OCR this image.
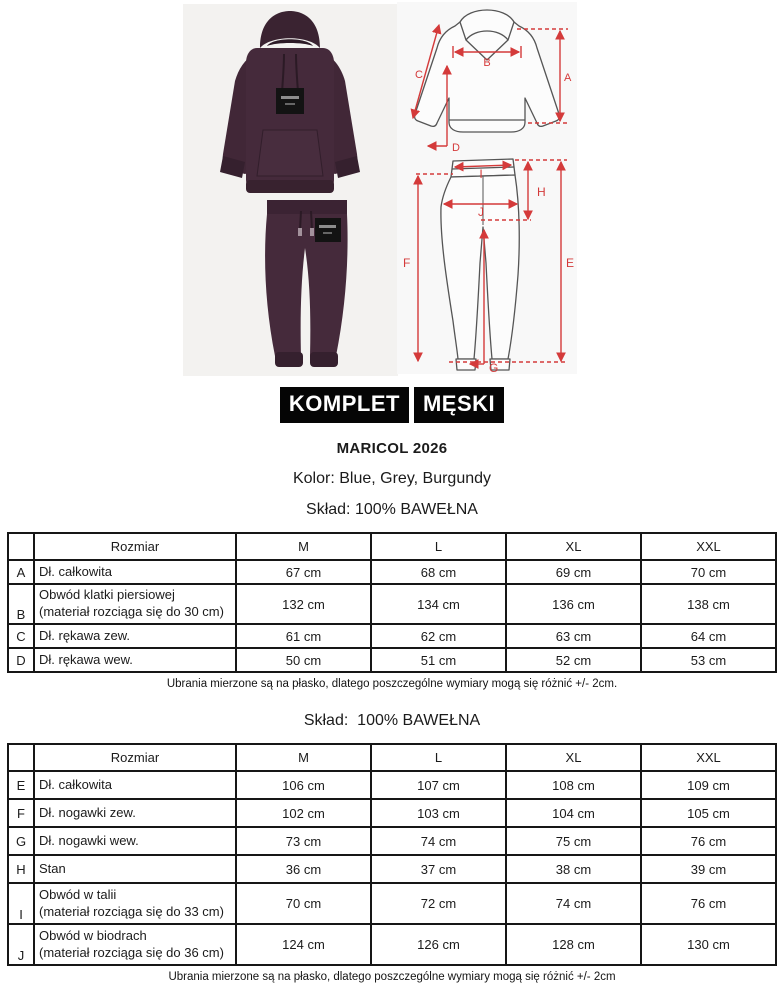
A
B
C
D
I
H
J
F	E
G
KOMPLET MĘSKI
MARICOL 2026
Kolor: Blue, Grey, Burgundy
Skład: 100% BAWEŁNA
	Rozmiar	M	L	XL	XXL
A	Dł. całkowita	67 cm	68 cm	69 cm	70 cm
B	Obwód klatki piersiowej
(materiał rozciąga się do 30 cm)	132 cm	134 cm	136 cm	138 cm
C	Dł. rękawa zew.	61 cm	62 cm	63 cm	64 cm
D	Dł. rękawa wew.	50 cm	51 cm	52 cm	53 cm
Ubrania mierzone są na płasko, dlatego poszczególne wymiary mogą się różnić +/- 2cm.
Skład:  100% BAWEŁNA
	Rozmiar	M	L	XL	XXL
E	Dł. całkowita	106 cm	107 cm	108 cm	109 cm
F	Dł. nogawki zew.	102 cm	103 cm	104 cm	105 cm
G	Dł. nogawki wew.	73 cm	74 cm	75 cm	76 cm
H	Stan	36 cm	37 cm	38 cm	39 cm
I	Obwód w talii
(materiał rozciąga się do 33 cm)	70 cm	72 cm	74 cm	76 cm
J	Obwód w biodrach
(materiał rozciąga się do 36 cm)	124 cm	126 cm	128 cm	130 cm
Ubrania mierzone są na płasko, dlatego poszczególne wymiary mogą się różnić +/- 2cm
